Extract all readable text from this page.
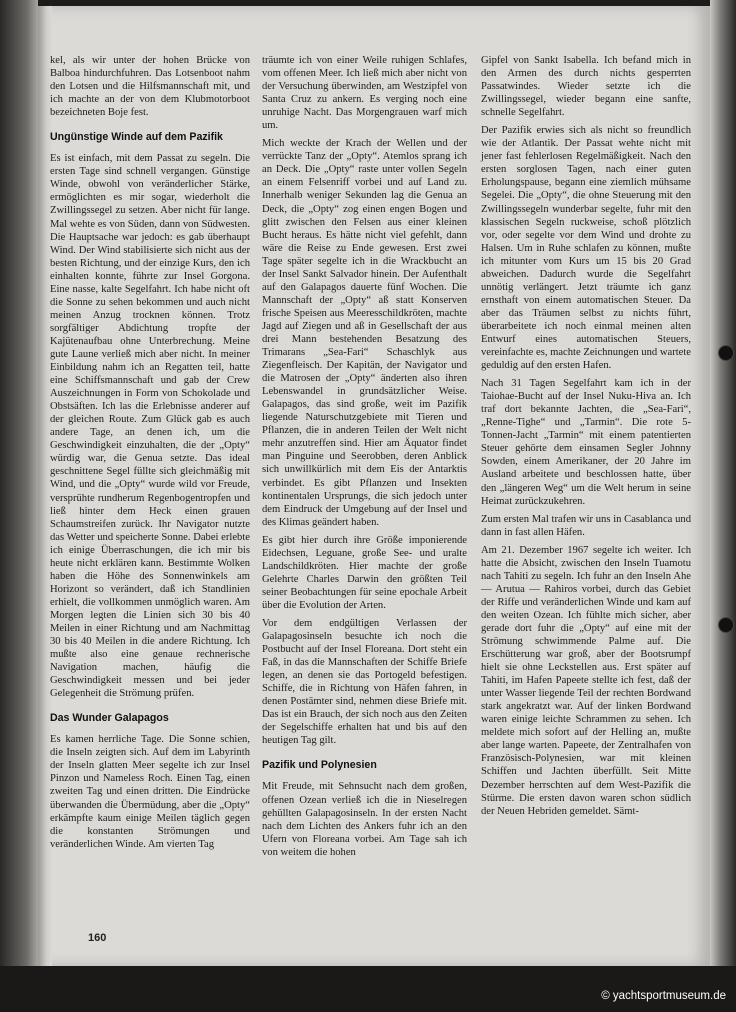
kel, als wir unter der hohen Brücke von Balboa hindurchfuhren. Das Lotsenboot nahm den Lotsen und die Hilfsmannschaft mit, und ich machte an der von dem Klubmotorboot bezeichneten Boje fest.

Ungünstige Winde auf dem Pazifik

Es ist einfach, mit dem Passat zu segeln. Die ersten Tage sind schnell vergangen. Günstige Winde, obwohl von veränderlicher Stärke, ermöglichten es mir sogar, wiederholt die Zwillingssegel zu setzen. Aber nicht für lange. Mal wehte es von Süden, dann von Südwesten. Die Hauptsache war jedoch: es gab überhaupt Wind. Der Wind stabilisierte sich nicht aus der besten Richtung, und der einzige Kurs, den ich einhalten konnte, führte zur Insel Gorgona. Eine nasse, kalte Segelfahrt. Ich habe nicht oft die Sonne zu sehen bekommen und auch nicht meinen Anzug trocknen können. Trotz sorgfältiger Abdichtung tropfte der Kajütenaufbau ohne Unterbrechung. Meine gute Laune verließ mich aber nicht. In meiner Einbildung nahm ich an Regatten teil, hatte eine Schiffsmannschaft und gab der Crew Auszeichnungen in Form von Schokolade und Obstsäften. Ich las die Erlebnisse anderer auf der gleichen Route. Zum Glück gab es auch andere Tage, an denen ich, um die Geschwindigkeit einzuhalten, die der „Opty“ würdig war, die Genua setzte. Das ideal geschnittene Segel füllte sich gleichmäßig mit Wind, und die „Opty“ wurde wild vor Freude, versprühte rundherum Regenbogentropfen und ließ hinter dem Heck einen grauen Schaumstreifen zurück. Ihr Navigator nutzte das Wetter und speicherte Sonne. Dabei erlebte ich einige Überraschungen, die ich mir bis heute nicht erklären kann. Bestimmte Wolken haben die Höhe des Sonnenwinkels am Horizont so verändert, daß ich Standlinien erhielt, die vollkommen unmöglich waren. Am Morgen legten die Linien sich 30 bis 40 Meilen in einer Richtung und am Nachmittag 30 bis 40 Meilen in die andere Richtung. Ich mußte also eine genaue rechnerische Navigation machen, häufig die Geschwindigkeit messen und bei jeder Gelegenheit die Strömung prüfen.

Das Wunder Galapagos

Es kamen herrliche Tage. Die Sonne schien, die Inseln zeigten sich. Auf dem im Labyrinth der Inseln glatten Meer segelte ich zur Insel Pinzon und Nameless Roch. Einen Tag, einen zweiten Tag und einen dritten. Die Eindrücke überwanden die Übermüdung, aber die „Opty“ erkämpfte kaum einige Meilen täglich gegen die konstanten Strömungen und veränderlichen Winde. Am vierten Tag

träumte ich von einer Weile ruhigen Schlafes, vom offenen Meer. Ich ließ mich aber nicht von der Versuchung überwinden, am Westzipfel von Santa Cruz zu ankern. Es verging noch eine unruhige Nacht. Das Morgengrauen warf mich um.

Mich weckte der Krach der Wellen und der verrückte Tanz der „Opty“. Atemlos sprang ich an Deck. Die „Opty“ raste unter vollen Segeln an einem Felsenriff vorbei und auf Land zu. Innerhalb weniger Sekunden lag die Genua an Deck, die „Opty“ zog einen engen Bogen und glitt zwischen den Felsen aus einer kleinen Bucht heraus. Es hätte nicht viel gefehlt, dann wäre die Reise zu Ende gewesen. Erst zwei Tage später segelte ich in die Wrackbucht an der Insel Sankt Salvador hinein. Der Aufenthalt auf den Galapagos dauerte fünf Wochen. Die Mannschaft der „Opty“ aß statt Konserven frische Speisen aus Meeresschildkröten, machte Jagd auf Ziegen und aß in Gesellschaft der aus drei Mann bestehenden Besatzung des Trimarans „Sea-Fari“ Schaschlyk aus Ziegenfleisch. Der Kapitän, der Navigator und die Matrosen der „Opty“ änderten also ihren Lebenswandel in grundsätzlicher Weise. Galapagos, das sind große, weit im Pazifik liegende Naturschutzgebiete mit Tieren und Pflanzen, die in anderen Teilen der Welt nicht mehr anzutreffen sind. Hier am Äquator findet man Pinguine und Seerobben, deren Anblick sich unwillkürlich mit dem Eis der Antarktis verbindet. Es gibt Pflanzen und Insekten kontinentalen Ursprungs, die sich jedoch unter dem Eindruck der Umgebung auf der Insel und des Klimas geändert haben.

Es gibt hier durch ihre Größe imponierende Eidechsen, Leguane, große See- und uralte Landschildkröten. Hier machte der große Gelehrte Charles Darwin den größten Teil seiner Beobachtungen für seine epochale Arbeit über die Evolution der Arten.

Vor dem endgültigen Verlassen der Galapagosinseln besuchte ich noch die Postbucht auf der Insel Floreana. Dort steht ein Faß, in das die Mannschaften der Schiffe Briefe legen, an denen sie das Portogeld befestigen. Schiffe, die in Richtung von Häfen fahren, in denen Postämter sind, nehmen diese Briefe mit. Das ist ein Brauch, der sich noch aus den Zeiten der Segelschiffe erhalten hat und bis auf den heutigen Tag gilt.

Pazifik und Polynesien

Mit Freude, mit Sehnsucht nach dem großen, offenen Ozean verließ ich die in Nieselregen gehüllten Galapagosinseln. In der ersten Nacht nach dem Lichten des Ankers fuhr ich an den Ufern von Floreana vorbei. Am Tage sah ich von weitem die hohen

Gipfel von Sankt Isabella. Ich befand mich in den Armen des durch nichts gesperrten Passatwindes. Wieder setzte ich die Zwillingssegel, wieder begann eine sanfte, schnelle Segelfahrt.

Der Pazifik erwies sich als nicht so freundlich wie der Atlantik. Der Passat wehte nicht mit jener fast fehlerlosen Regelmäßigkeit. Nach den ersten sorglosen Tagen, nach einer guten Erholungspause, begann eine ziemlich mühsame Segelei. Die „Opty“, die ohne Steuerung mit den Zwillingssegeln wunderbar segelte, fuhr mit den klassischen Segeln ruckweise, schoß plötzlich vor, oder segelte vor dem Wind und drohte zu Halsen. Um in Ruhe schlafen zu können, mußte ich mitunter vom Kurs um 15 bis 20 Grad abweichen. Dadurch wurde die Segelfahrt unnötig verlängert. Jetzt träumte ich ganz ernsthaft von einem automatischen Steuer. Da aber das Träumen selbst zu nichts führt, überarbeitete ich noch einmal meinen alten Entwurf eines automatischen Steuers, vereinfachte es, machte Zeichnungen und wartete geduldig auf den ersten Hafen.

Nach 31 Tagen Segelfahrt kam ich in der Taiohae-Bucht auf der Insel Nuku-Hiva an. Ich traf dort bekannte Jachten, die „Sea-Fari“, „Renne-Tighe“ und „Tarmin“. Die rote 5-Tonnen-Jacht „Tarmin“ mit einem patentierten Steuer gehörte dem einsamen Segler Johnny Sowden, einem Amerikaner, der 20 Jahre im Ausland arbeitete und beschlossen hatte, über den „längeren Weg“ um die Welt herum in seine Heimat zurückzukehren.

Zum ersten Mal trafen wir uns in Casablanca und dann in fast allen Häfen.

Am 21. Dezember 1967 segelte ich weiter. Ich hatte die Absicht, zwischen den Inseln Tuamotu nach Tahiti zu segeln. Ich fuhr an den Inseln Ahe — Arutua — Rahiros vorbei, durch das Gebiet der Riffe und veränderlichen Winde und kam auf den weiten Ozean. Ich fühlte mich sicher, aber gerade dort fuhr die „Opty“ auf eine mit der Strömung schwimmende Palme auf. Die Erschütterung war groß, aber der Bootsrumpf hielt sie ohne Leckstellen aus. Erst später auf Tahiti, im Hafen Papeete stellte ich fest, daß der unter Wasser liegende Teil der rechten Bordwand stark angekratzt war. Auf der linken Bordwand waren einige leichte Schrammen zu sehen. Ich meldete mich sofort auf der Helling an, mußte aber lange warten. Papeete, der Zentralhafen von Französisch-Polynesien, war mit kleinen Schiffen und Jachten überfüllt. Seit Mitte Dezember herrschten auf dem West-Pazifik die Stürme. Die ersten davon waren schon südlich der Neuen Hebriden gemeldet. Sämt-

160
© yachtsportmuseum.de
